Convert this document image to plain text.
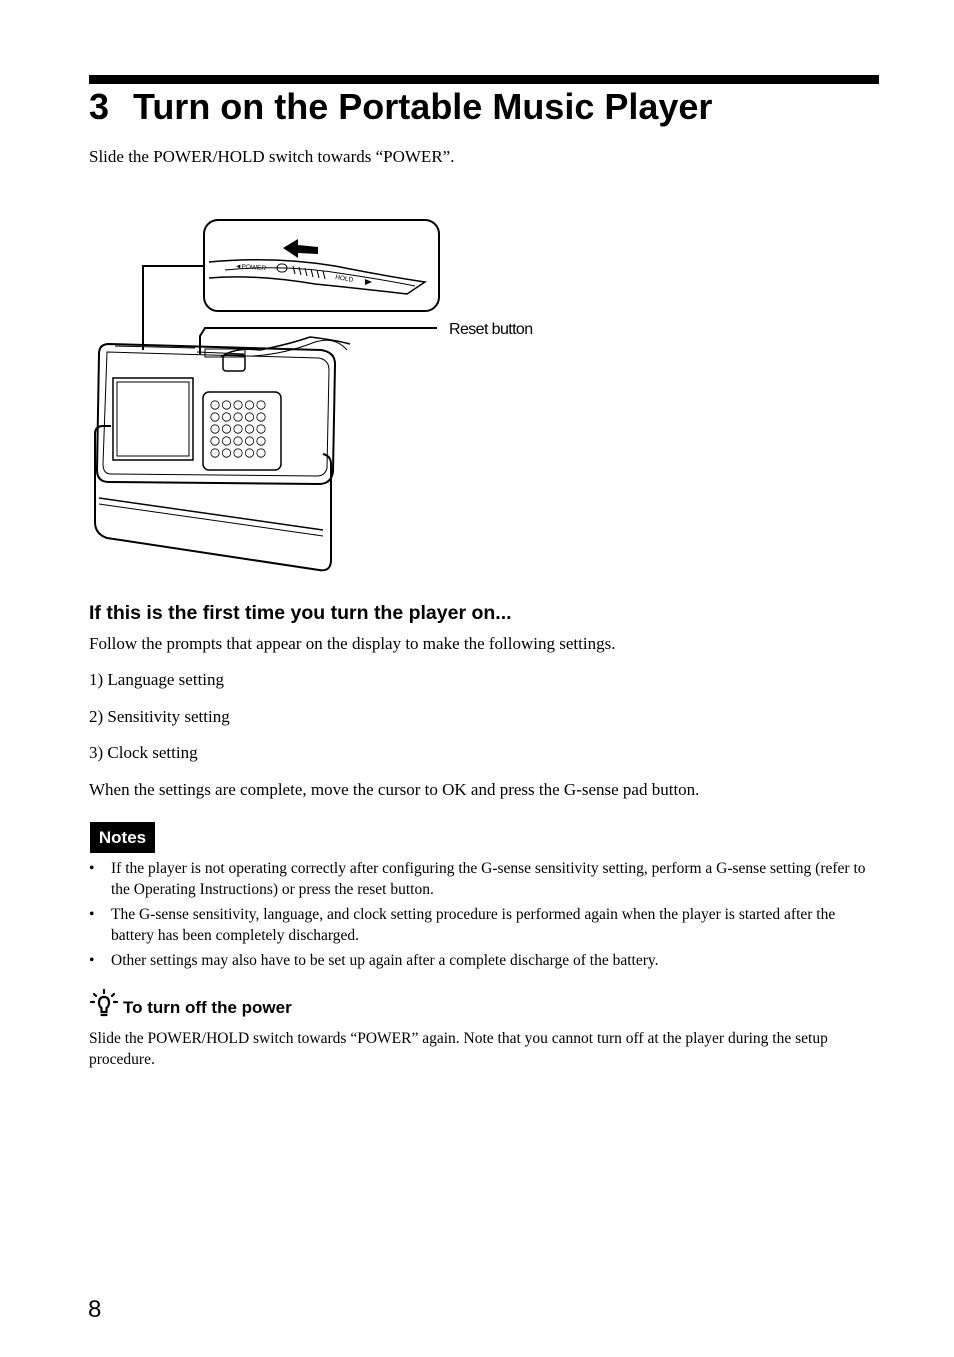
3 Turn on the Portable Music Player

Slide the POWER/HOLD switch towards “POWER”.

◄POWER
HOLD
Reset button
If this is the first time you turn the player on...

Follow the prompts that appear on the display to make the following settings.

1) Language setting

2) Sensitivity setting

3) Clock setting

When the settings are complete, move the cursor to OK and press the G-sense pad button.

Notes
• If the player is not operating correctly after configuring the G-sense sensitivity setting, perform a G-sense setting (refer to the Operating Instructions) or press the reset button.
• The G-sense sensitivity, language, and clock setting procedure is performed again when the player is started after the battery has been completely discharged.
• Other settings may also have to be set up again after a complete discharge of the battery.
To turn off the power

Slide the POWER/HOLD switch towards “POWER” again. Note that you cannot turn off at the player during the setup procedure.

8
